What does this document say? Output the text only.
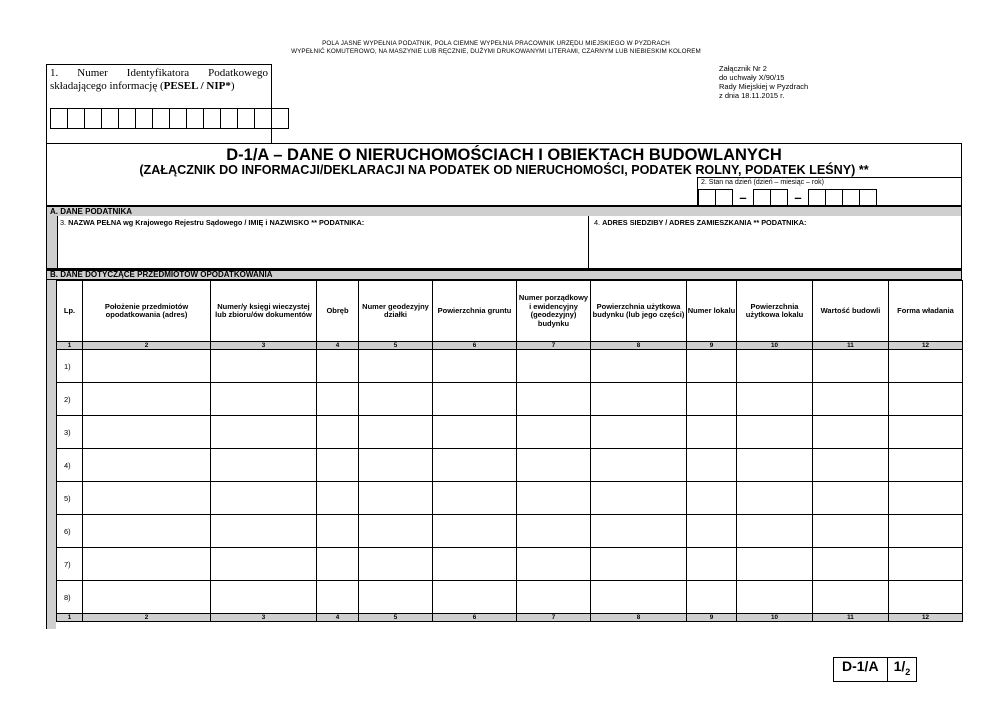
POLA JASNE WYPEŁNIA PODATNIK, POLA CIEMNE WYPEŁNIA PRACOWNIK URZĘDU MIEJSKIEGO W PYZDRACH
WYPEŁNIĆ KOMUTEROWO, NA MASZYNIE LUB RĘCZNIE, DUŻYMI DRUKOWANYMI LITERAMI, CZARNYM LUB NIEBIESKIM KOLOREM
1. Numer Identyfikatora Podatkowego składającego informację (PESEL / NIP*)
Załącznik Nr 2
do uchwały X/90/15
Rady Miejskiej w Pyzdrach
z dnia 18.11.2015 r.
D-1/A – DANE O NIERUCHOMOŚCIACH I OBIEKTACH BUDOWLANYCH
(ZAŁĄCZNIK DO INFORMACJI/DEKLARACJI NA PODATEK OD NIERUCHOMOŚCI, PODATEK ROLNY, PODATEK LEŚNY) **
2. Stan na dzień (dzień – miesiąc – rok)
–	–
A. DANE PODATNIKA
3. NAZWA PEŁNA wg Krajowego Rejestru Sądowego / IMIĘ i NAZWISKO ** PODATNIKA:	4. ADRES SIEDZIBY / ADRES ZAMIESZKANIA ** PODATNIKA:
B. DANE DOTYCZĄCE PRZEDMIOTÓW OPODATKOWANIA
Lp.	Położenie przedmiotów opodatkowania (adres)	Numer/y księgi wieczystej lub zbioru/ów dokumentów	Obręb	Numer geodezyjny działki	Powierzchnia gruntu	Numer porządkowy i ewidencyjny (geodezyjny) budynku	Powierzchnia użytkowa budynku (lub jego części)	Numer lokalu	Powierzchnia użytkowa lokalu	Wartość budowli	Forma władania
1	2	3	4	5	6	7	8	9	10	11	12
1)											
2)											
3)											
4)											
5)											
6)											
7)											
8)											
1	2	3	4	5	6	7	8	9	10	11	12
D-1/A	$1/_2$
